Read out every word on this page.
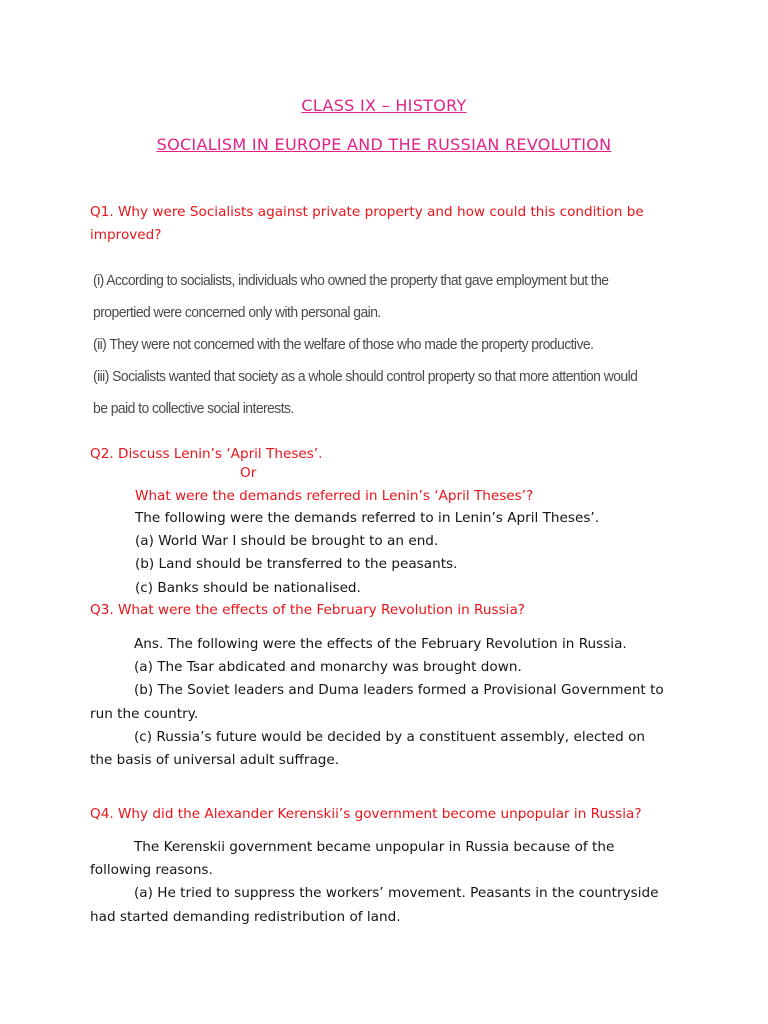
CLASS IX – HISTORY
SOCIALISM IN EUROPE AND THE RUSSIAN REVOLUTION
Q1. Why were Socialists against private property and how could this condition be
improved?
(i) According to socialists, individuals who owned the property that gave employment but the
propertied were concerned only with personal gain.
(ii) They were not concerned with the welfare of those who made the property productive.
(iii) Socialists wanted that society as a whole should control property so that more attention would
be paid to collective social interests.
Q2. Discuss Lenin’s ‘April Theses’.
Or
What were the demands referred in Lenin’s ‘April Theses’?
The following were the demands referred to in Lenin’s April Theses’.
(a) World War I should be brought to an end.
(b) Land should be transferred to the peasants.
(c) Banks should be nationalised.
Q3. What were the effects of the February Revolution in Russia?
Ans. The following were the effects of the February Revolution in Russia.
(a) The Tsar abdicated and monarchy was brought down.
(b) The Soviet leaders and Duma leaders formed a Provisional Government to
run the country.
(c) Russia’s future would be decided by a constituent assembly, elected on
the basis of universal adult suffrage.
Q4. Why did the Alexander Kerenskii’s government become unpopular in Russia?
The Kerenskii government became unpopular in Russia because of the
following reasons.
(a) He tried to suppress the workers’ movement. Peasants in the countryside
had started demanding redistribution of land.
